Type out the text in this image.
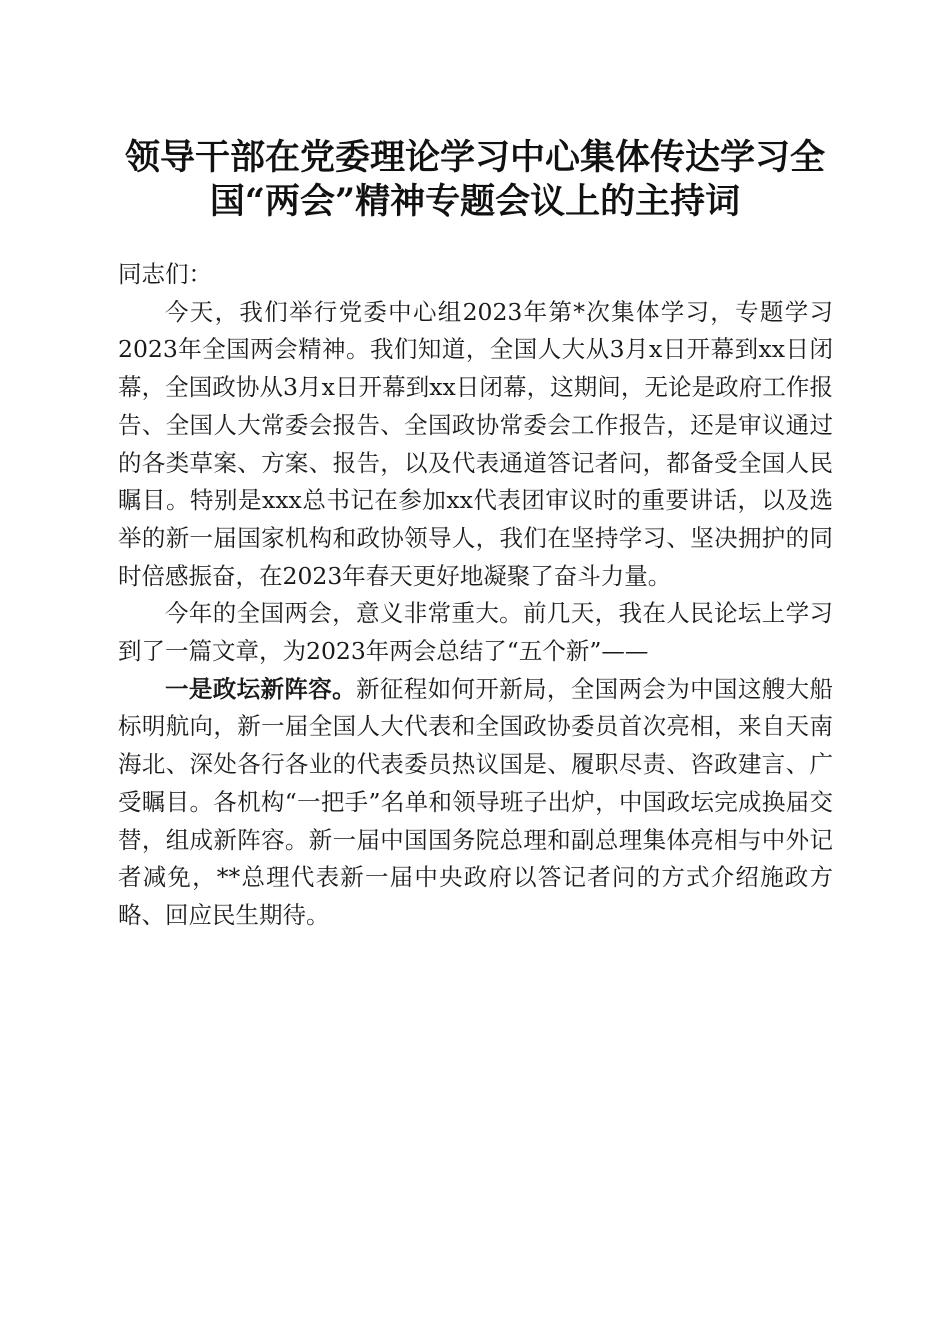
领导干部在党委理论学习中心集体传达学习全国“两会”精神专题会议上的主持词

同志们：

今天，我们举行党委中心组2023年第*次集体学习，专题学习2023年全国两会精神。我们知道，全国人大从3月x日开幕到xx日闭幕，全国政协从3月x日开幕到xx日闭幕，这期间，无论是政府工作报告、全国人大常委会报告、全国政协常委会工作报告，还是审议通过的各类草案、方案、报告，以及代表通道答记者问，都备受全国人民瞩目。特别是xxx总书记在参加xx代表团审议时的重要讲话，以及选举的新一届国家机构和政协领导人，我们在坚持学习、坚决拥护的同时倍感振奋，在2023年春天更好地凝聚了奋斗力量。

今年的全国两会，意义非常重大。前几天，我在人民论坛上学习到了一篇文章，为2023年两会总结了“五个新”——

一是政坛新阵容。新征程如何开新局，全国两会为中国这艘大船标明航向，新一届全国人大代表和全国政协委员首次亮相，来自天南海北、深处各行各业的代表委员热议国是、履职尽责、咨政建言、广受瞩目。各机构“一把手”名单和领导班子出炉，中国政坛完成换届交替，组成新阵容。新一届中国国务院总理和副总理集体亮相与中外记者减免，**总理代表新一届中央政府以答记者问的方式介绍施政方略、回应民生期待。
